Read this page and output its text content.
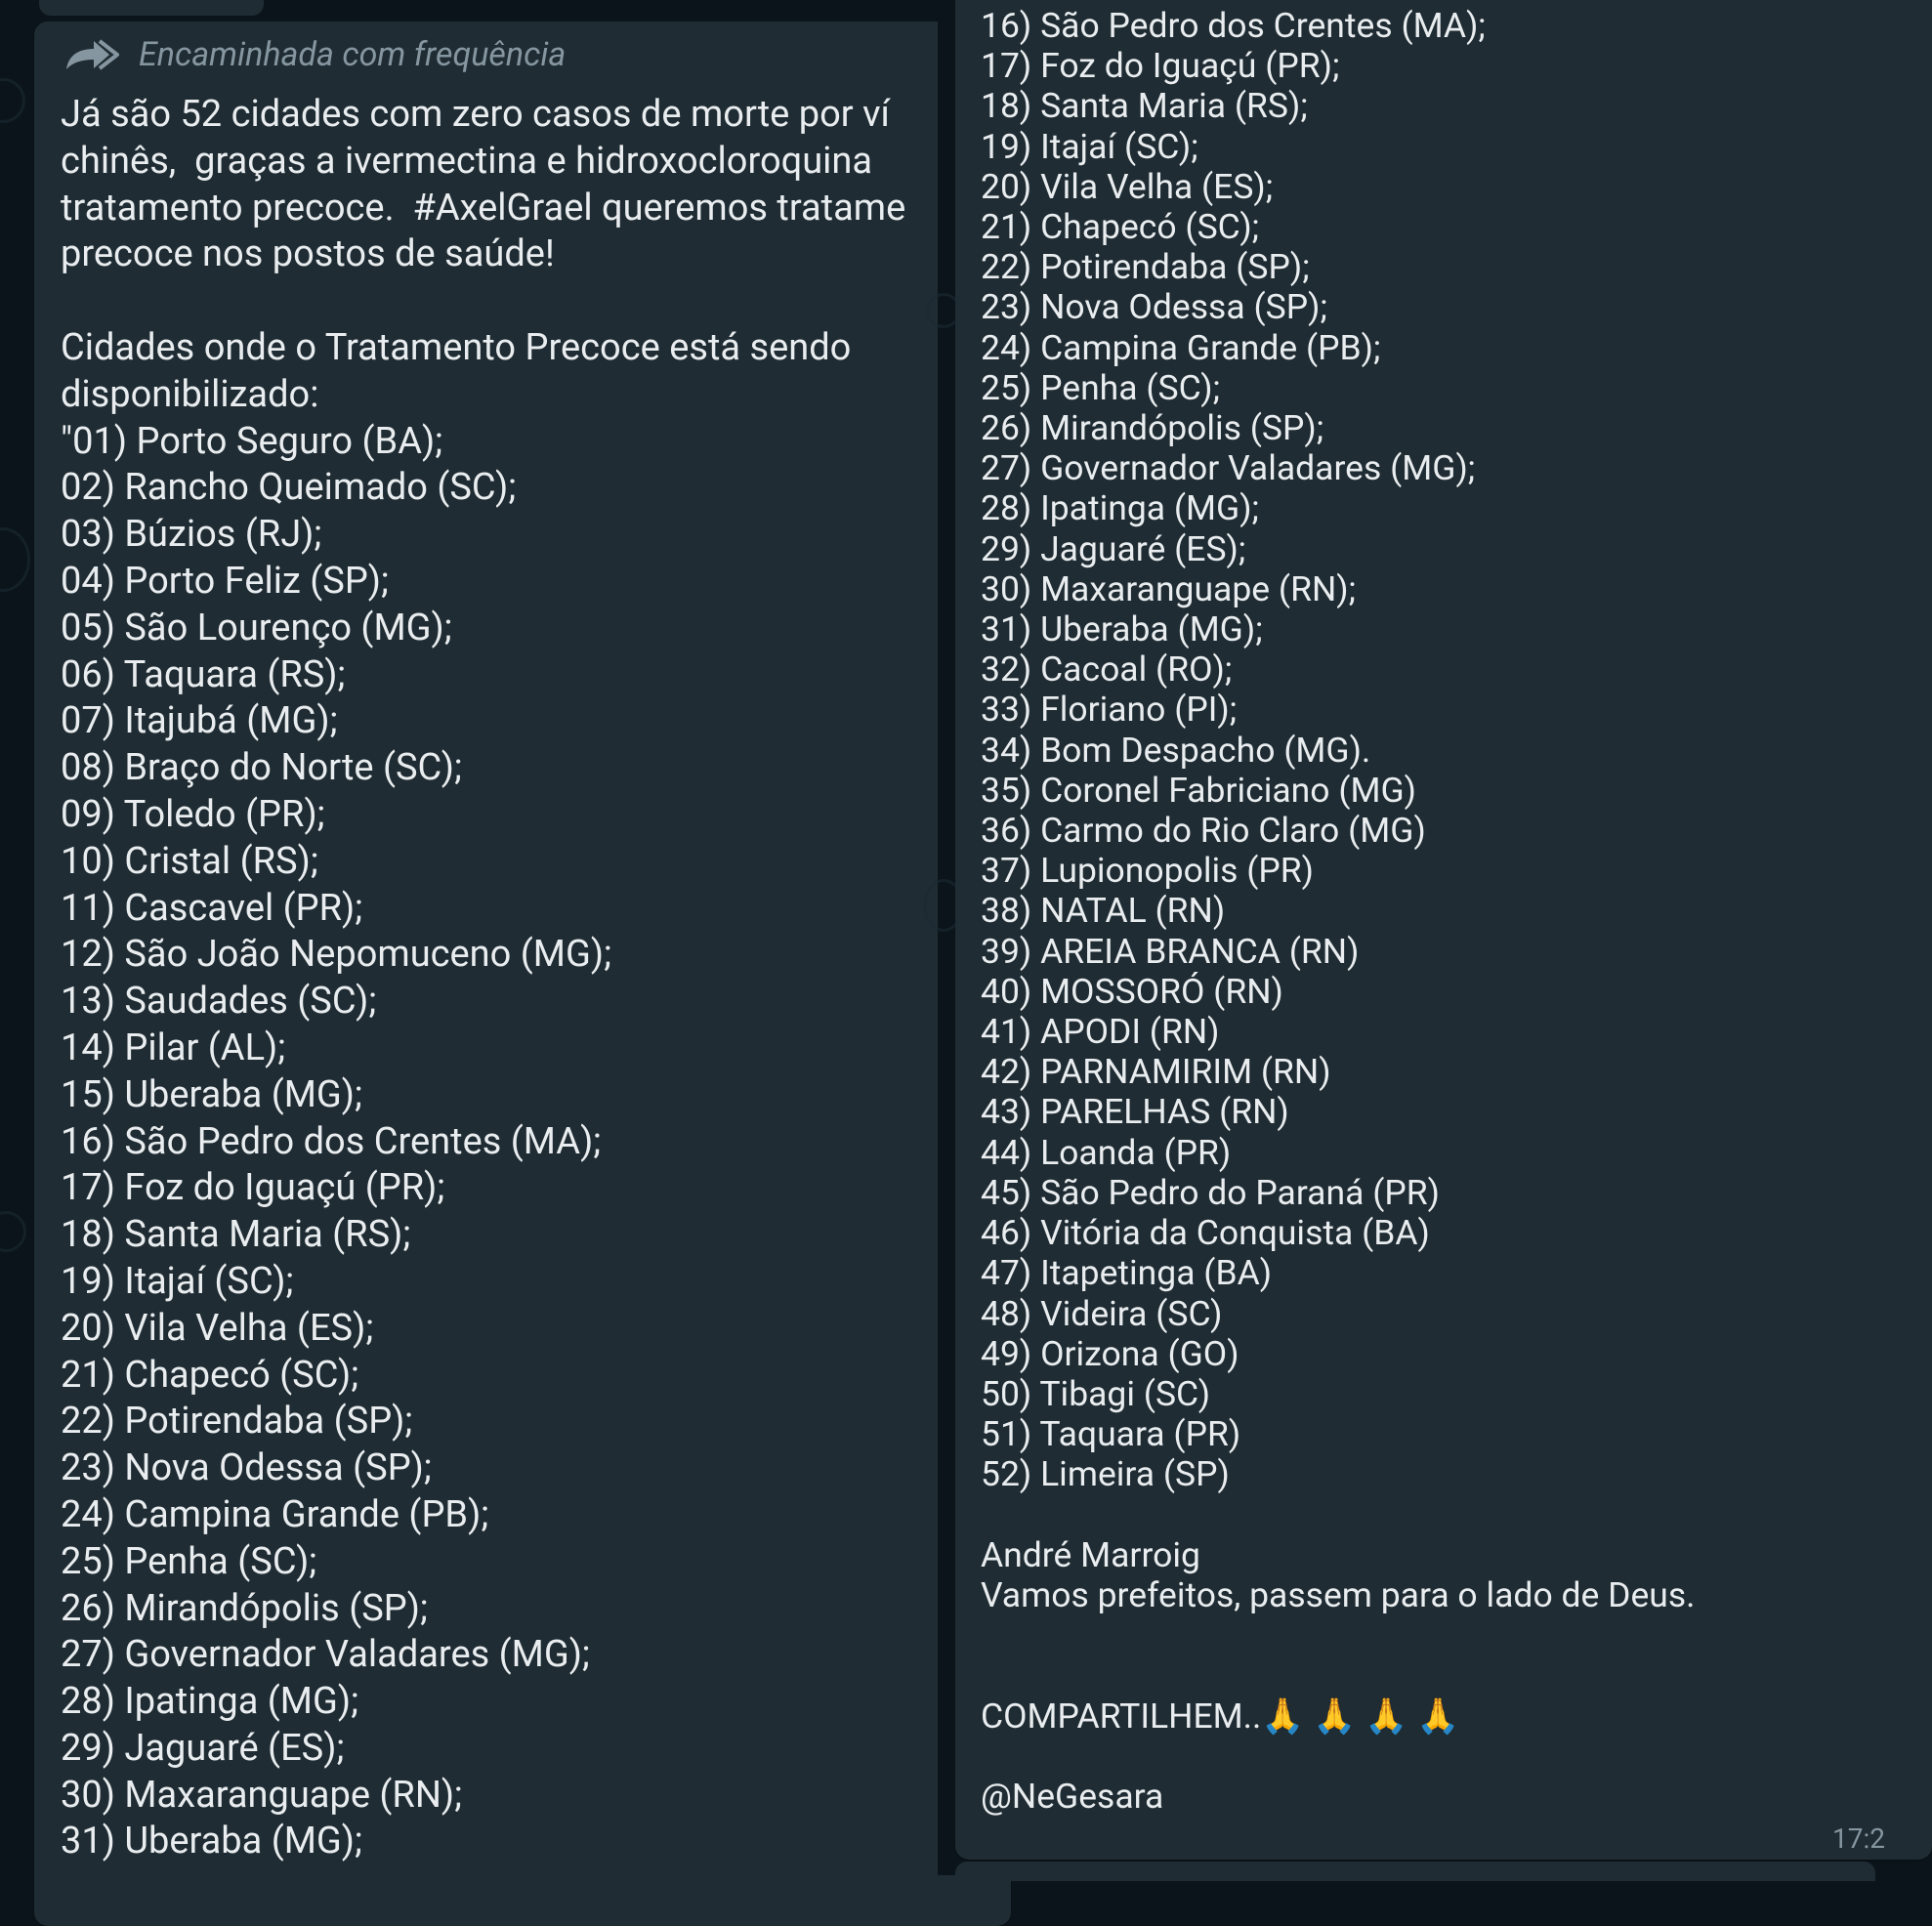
Encaminhada com frequência
Já são 52 cidades com zero casos de morte por ví
chinês,  graças a ivermectina e hidroxocloroquina
tratamento precoce.  #AxelGrael queremos tratame
precoce nos postos de saúde!

Cidades onde o Tratamento Precoce está sendo
disponibilizado:
"01) Porto Seguro (BA);
02) Rancho Queimado (SC);
03) Búzios (RJ);
04) Porto Feliz (SP);
05) São Lourenço (MG);
06) Taquara (RS);
07) Itajubá (MG);
08) Braço do Norte (SC);
09) Toledo (PR);
10) Cristal (RS);
11) Cascavel (PR);
12) São João Nepomuceno (MG);
13) Saudades (SC);
14) Pilar (AL);
15) Uberaba (MG);
16) São Pedro dos Crentes (MA);
17) Foz do Iguaçú (PR);
18) Santa Maria (RS);
19) Itajaí (SC);
20) Vila Velha (ES);
21) Chapecó (SC);
22) Potirendaba (SP);
23) Nova Odessa (SP);
24) Campina Grande (PB);
25) Penha (SC);
26) Mirandópolis (SP);
27) Governador Valadares (MG);
28) Ipatinga (MG);
29) Jaguaré (ES);
30) Maxaranguape (RN);
31) Uberaba (MG);
16) São Pedro dos Crentes (MA);
17) Foz do Iguaçú (PR);
18) Santa Maria (RS);
19) Itajaí (SC);
20) Vila Velha (ES);
21) Chapecó (SC);
22) Potirendaba (SP);
23) Nova Odessa (SP);
24) Campina Grande (PB);
25) Penha (SC);
26) Mirandópolis (SP);
27) Governador Valadares (MG);
28) Ipatinga (MG);
29) Jaguaré (ES);
30) Maxaranguape (RN);
31) Uberaba (MG);
32) Cacoal (RO);
33) Floriano (PI);
34) Bom Despacho (MG).
35) Coronel Fabriciano (MG)
36) Carmo do Rio Claro (MG)
37) Lupionopolis (PR)
38) NATAL (RN)
39) AREIA BRANCA (RN)
40) MOSSORÓ (RN)
41) APODI (RN)
42) PARNAMIRIM (RN)
43) PARELHAS (RN)
44) Loanda (PR)
45) São Pedro do Paraná (PR)
46) Vitória da Conquista (BA)
47) Itapetinga (BA)
48) Videira (SC)
49) Orizona (GO)
50) Tibagi (SC)
51) Taquara (PR)
52) Limeira (SP)

André Marroig
Vamos prefeitos, passem para o lado de Deus.

COMPARTILHEM..🙏 🙏 🙏 🙏

@NeGesara
17:2
